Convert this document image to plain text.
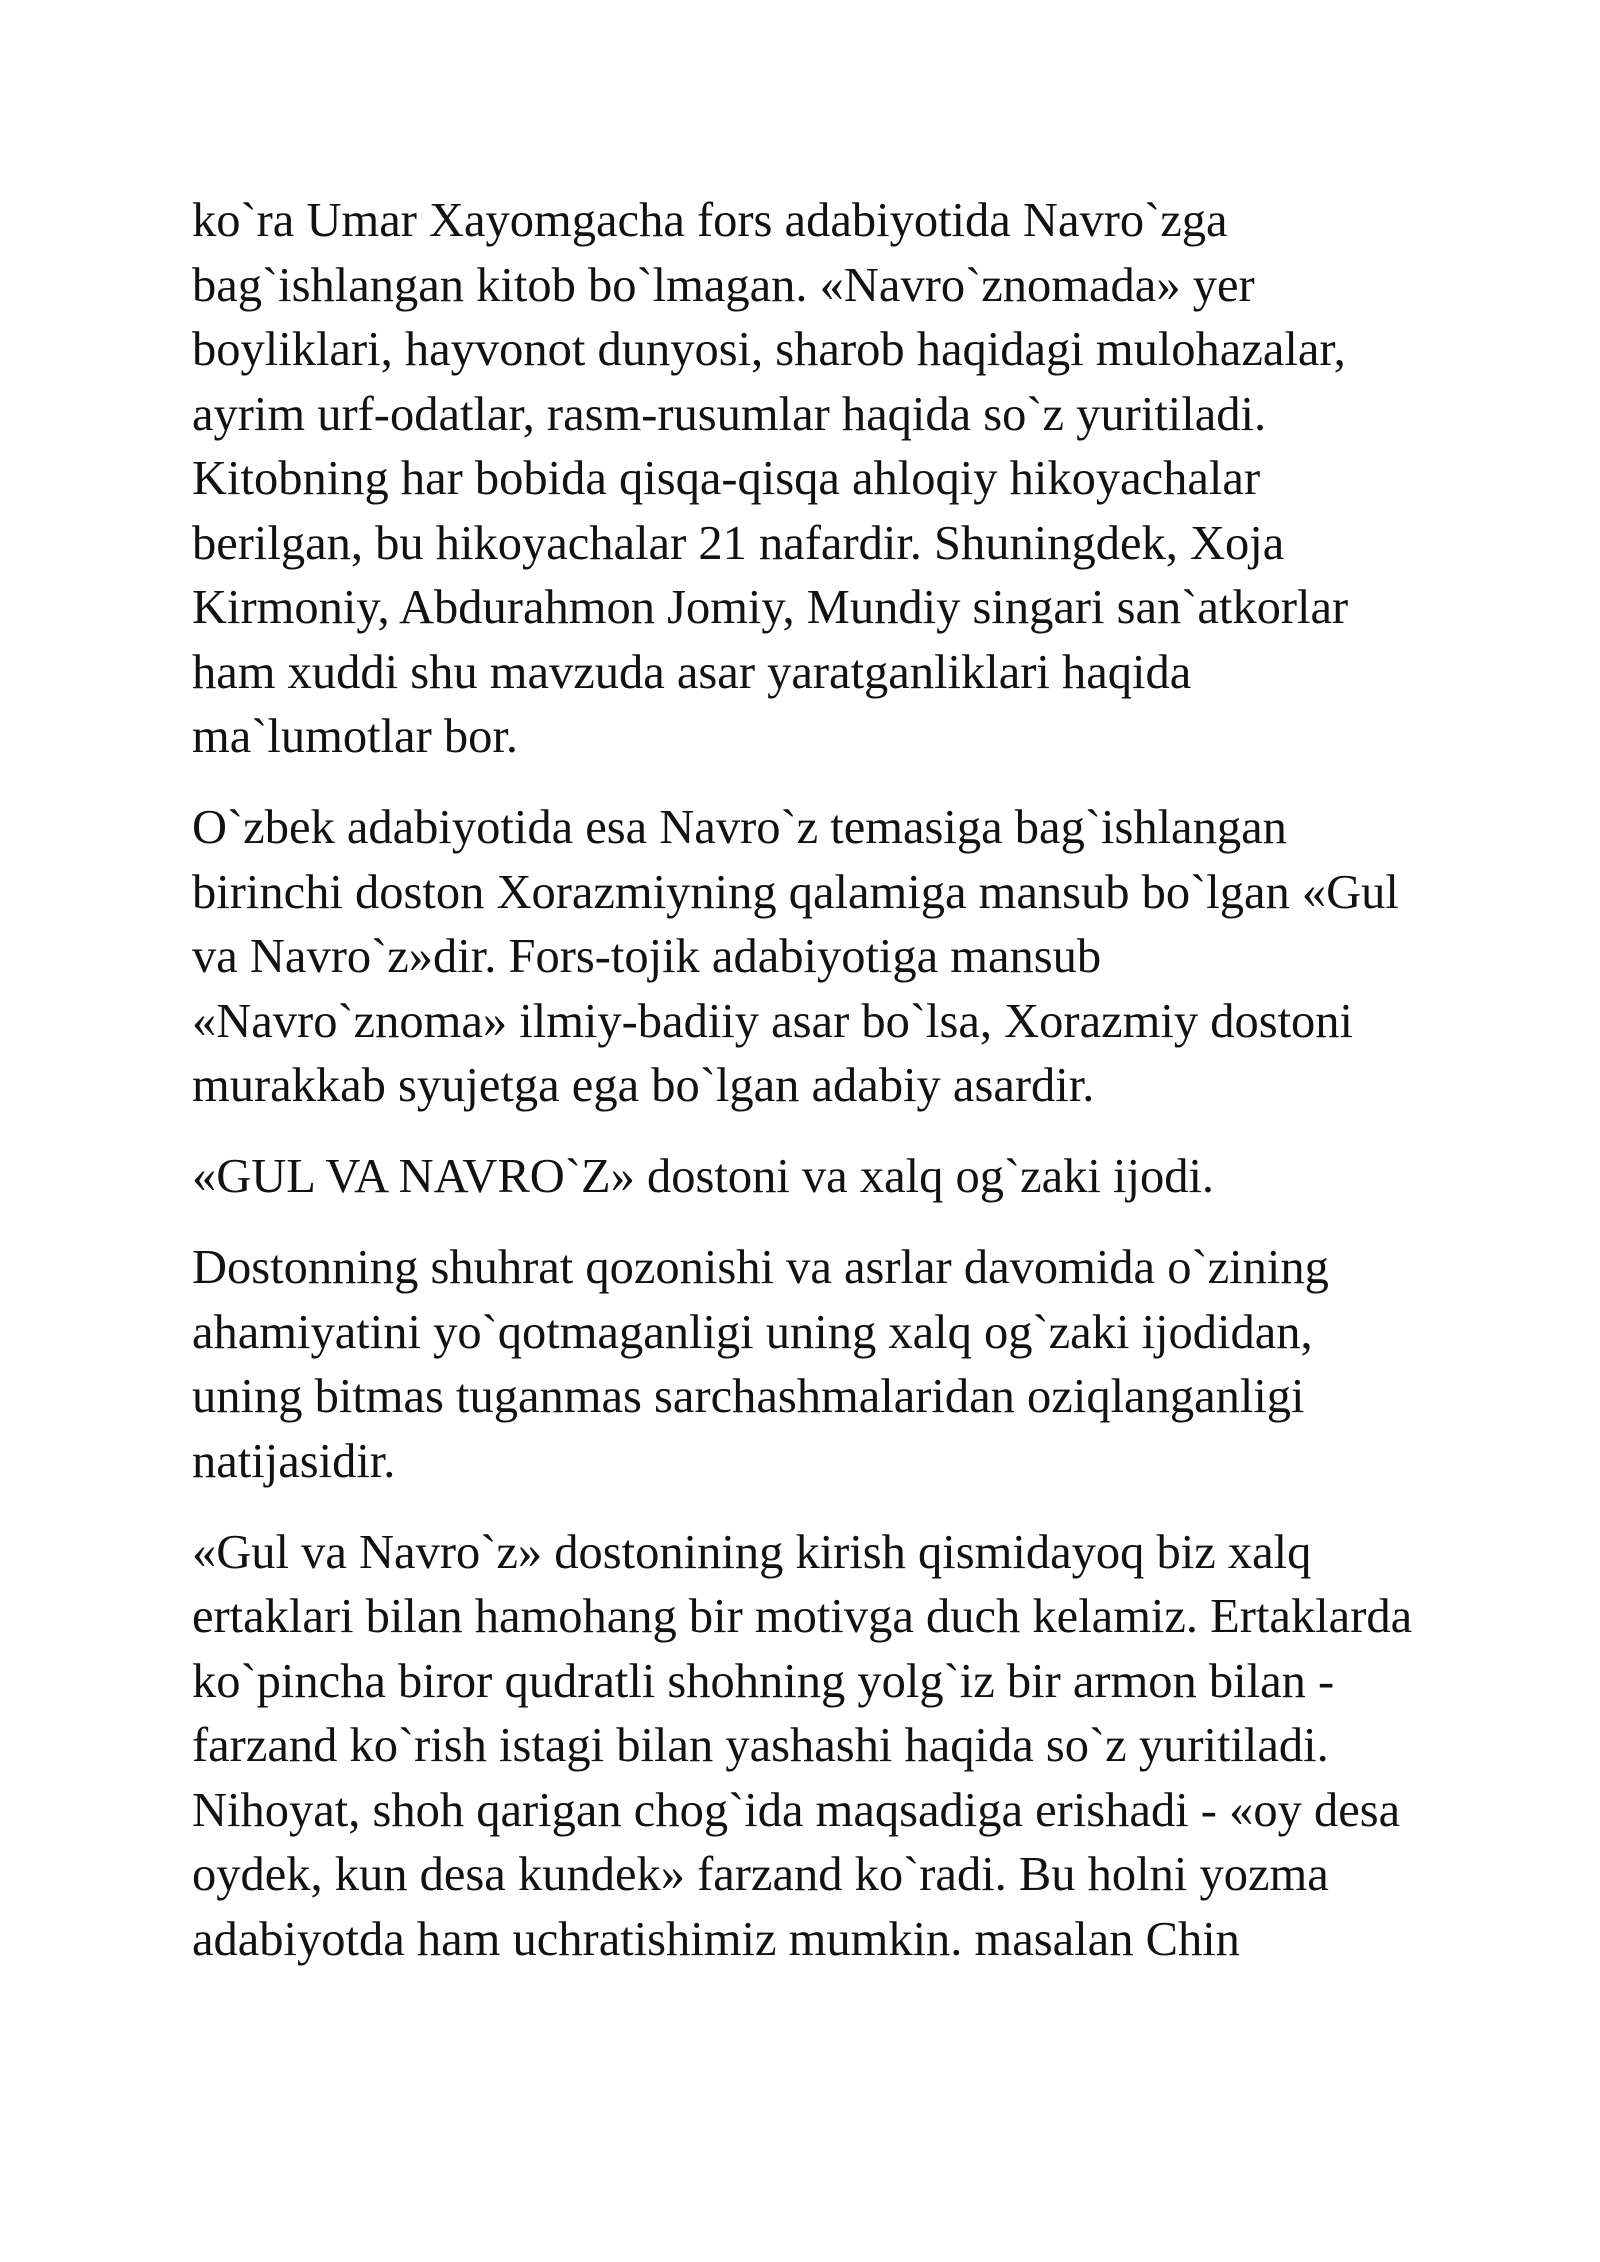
ko`ra Umar Xayomgacha fors adabiyotida Navro`zga
bag`ishlangan kitob bo`lmagan. «Navro`znomada» yer
boyliklari, hayvonot dunyosi, sharob haqidagi mulohazalar,
ayrim urf-odatlar, rasm-rusumlar haqida so`z yuritiladi.
Kitobning har bobida qisqa-qisqa ahloqiy hikoyachalar
berilgan, bu hikoyachalar 21 nafardir. Shuningdek, Xoja
Kirmoniy, Abdurahmon Jomiy, Mundiy singari san`atkorlar
ham xuddi shu mavzuda asar yaratganliklari haqida
ma`lumotlar bor.
O`zbek adabiyotida esa Navro`z temasiga bag`ishlangan
birinchi doston Xorazmiyning qalamiga mansub bo`lgan «Gul
va Navro`z»dir. Fors-tojik adabiyotiga mansub
«Navro`znoma» ilmiy-badiiy asar bo`lsa, Xorazmiy dostoni
murakkab syujetga ega bo`lgan adabiy asardir.
«GUL VA NAVRO`Z» dostoni va xalq og`zaki ijodi.
Dostonning shuhrat qozonishi va asrlar davomida o`zining
ahamiyatini yo`qotmaganligi uning xalq og`zaki ijodidan,
uning bitmas tuganmas sarchashmalaridan oziqlanganligi
natijasidir.
«Gul va Navro`z» dostonining kirish qismidayoq biz xalq
ertaklari bilan hamohang bir motivga duch kelamiz. Ertaklarda
ko`pincha biror qudratli shohning yolg`iz bir armon bilan -
farzand ko`rish istagi bilan yashashi haqida so`z yuritiladi.
Nihoyat, shoh qarigan chog`ida maqsadiga erishadi - «oy desa
oydek, kun desa kundek» farzand ko`radi. Bu holni yozma
adabiyotda ham uchratishimiz mumkin. masalan Chin
